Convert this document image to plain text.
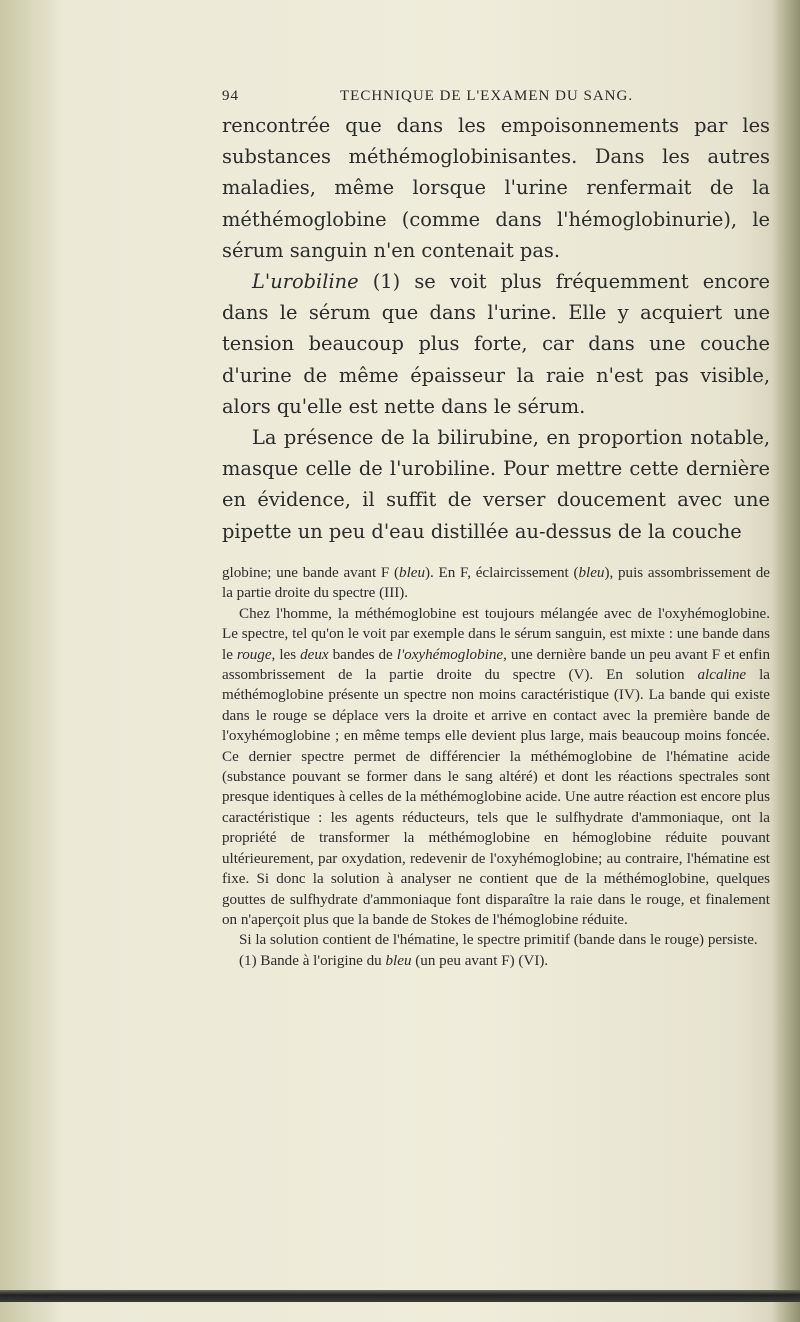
94	TECHNIQUE DE L'EXAMEN DU SANG.

rencontrée que dans les empoisonnements par les substances méthémoglobinisantes. Dans les autres maladies, même lorsque l'urine renfermait de la méthémoglobine (comme dans l'hémoglobinurie), le sérum sanguin n'en contenait pas.

L'urobiline (1) se voit plus fréquemment encore dans le sérum que dans l'urine. Elle y acquiert une tension beaucoup plus forte, car dans une couche d'urine de même épaisseur la raie n'est pas visible, alors qu'elle est nette dans le sérum.

La présence de la bilirubine, en proportion notable, masque celle de l'urobiline. Pour mettre cette dernière en évidence, il suffit de verser doucement avec une pipette un peu d'eau distillée au-dessus de la couche

globine; une bande avant F (bleu). En F, éclaircissement (bleu), puis assombrissement de la partie droite du spectre (III).

Chez l'homme, la méthémoglobine est toujours mélangée avec de l'oxyhémoglobine. Le spectre, tel qu'on le voit par exemple dans le sérum sanguin, est mixte : une bande dans le rouge, les deux bandes de l'oxyhémoglobine, une dernière bande un peu avant F et enfin assombrissement de la partie droite du spectre (V). En solution alcaline la méthémoglobine présente un spectre non moins caractéristique (IV). La bande qui existe dans le rouge se déplace vers la droite et arrive en contact avec la première bande de l'oxyhémoglobine ; en même temps elle devient plus large, mais beaucoup moins foncée. Ce dernier spectre permet de différencier la méthémoglobine de l'hématine acide (substance pouvant se former dans le sang altéré) et dont les réactions spectrales sont presque identiques à celles de la méthémoglobine acide. Une autre réaction est encore plus caractéristique : les agents réducteurs, tels que le sulfhydrate d'ammoniaque, ont la propriété de transformer la méthémoglobine en hémoglobine réduite pouvant ultérieurement, par oxydation, redevenir de l'oxyhémoglobine; au contraire, l'hématine est fixe. Si donc la solution à analyser ne contient que de la méthémoglobine, quelques gouttes de sulfhydrate d'ammoniaque font disparaître la raie dans le rouge, et finalement on n'aperçoit plus que la bande de Stokes de l'hémoglobine réduite.

Si la solution contient de l'hématine, le spectre primitif (bande dans le rouge) persiste.

(1) Bande à l'origine du bleu (un peu avant F) (VI).
